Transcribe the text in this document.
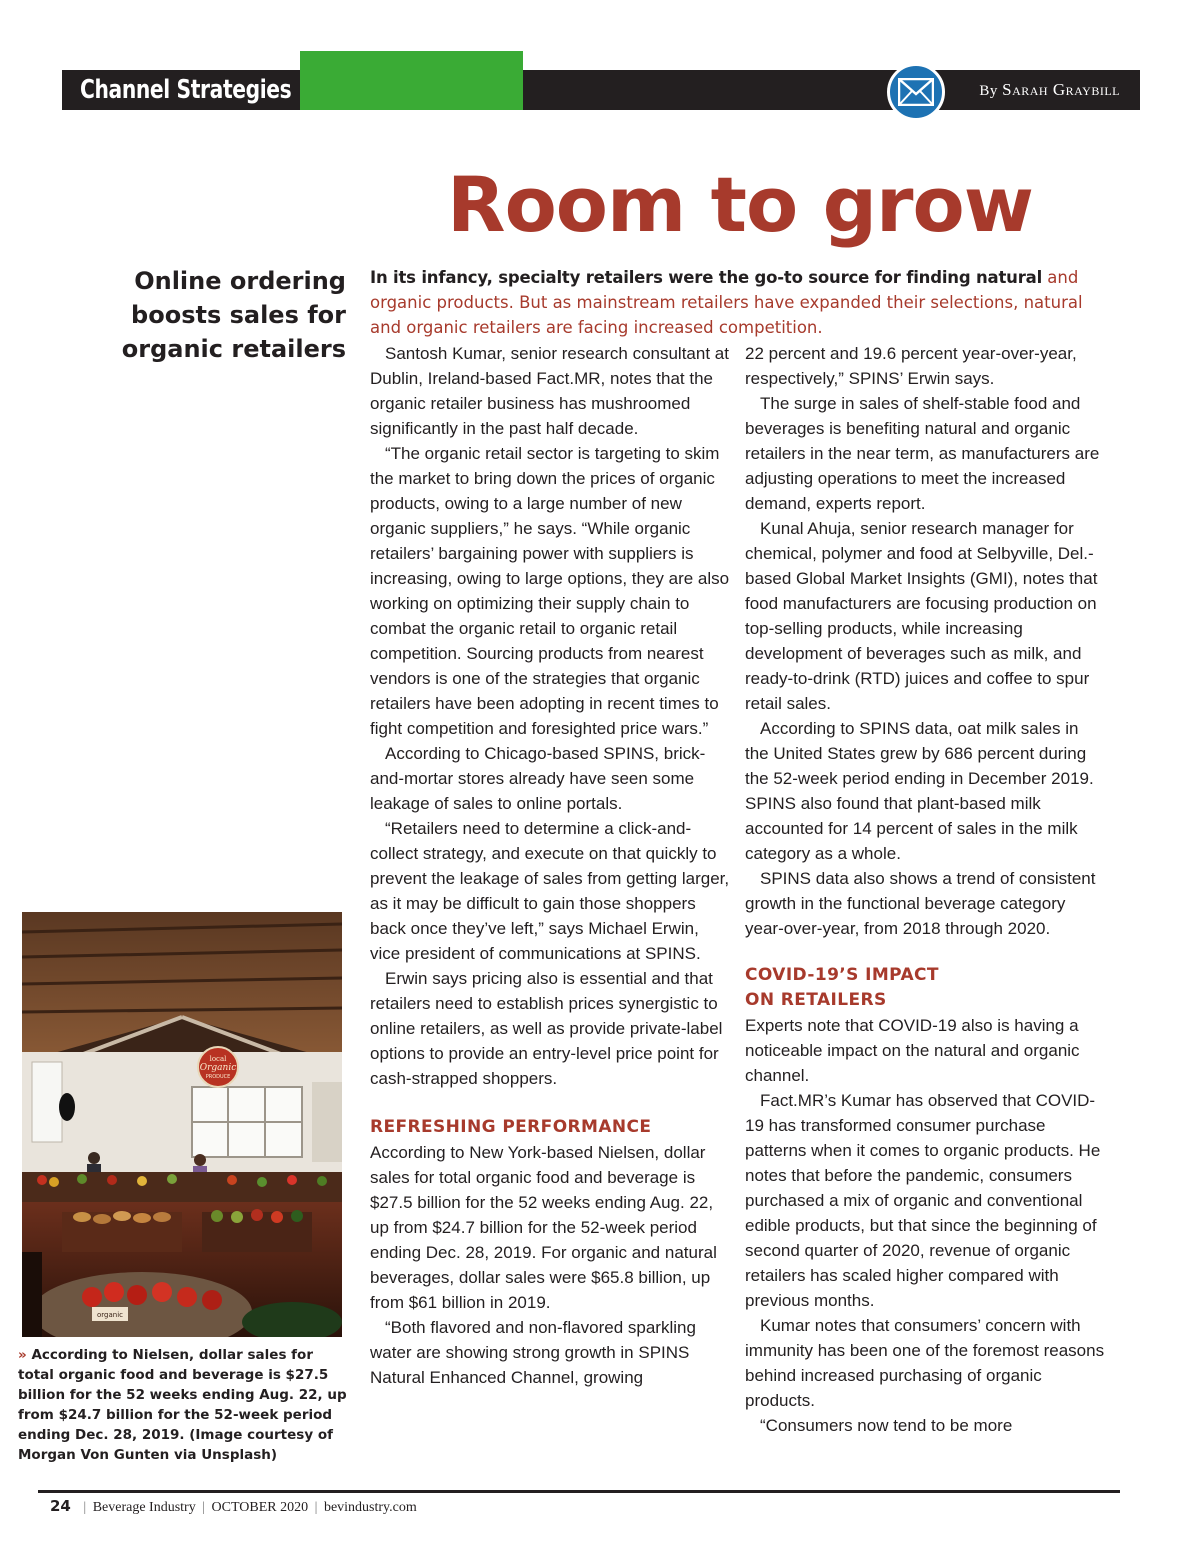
Channel Strategies	By Sarah Graybill
Room to grow

Online ordering boosts sales for organic retailers

In its infancy, specialty retailers were the go-to source for finding natural and organic products. But as mainstream retailers have expanded their selections, natural and organic retailers are facing increased competition.

Santosh Kumar, senior research consultant at Dublin, Ireland-based Fact.MR, notes that the organic retailer business has mushroomed significantly in the past half decade.

“The organic retail sector is targeting to skim the market to bring down the prices of organic products, owing to a large number of new organic suppliers,” he says. “While organic retailers’ bargaining power with suppliers is increasing, owing to large options, they are also working on optimizing their supply chain to combat the organic retail to organic retail competition. Sourcing products from nearest vendors is one of the strategies that organic retailers have been adopting in recent times to fight competition and foresighted price wars.”

According to Chicago-based SPINS, brick-and-mortar stores already have seen some leakage of sales to online portals.

“Retailers need to determine a click-and-collect strategy, and execute on that quickly to prevent the leakage of sales from getting larger, as it may be difficult to gain those shoppers back once they’ve left,” says Michael Erwin, vice president of communications at SPINS.

Erwin says pricing also is essential and that retailers need to establish prices synergistic to online retailers, as well as provide private-label options to provide an entry-level price point for cash-strapped shoppers.

REFRESHING PERFORMANCE

According to New York-based Nielsen, dollar sales for total organic food and beverage is $27.5 billion for the 52 weeks ending Aug. 22, up from $24.7 billion for the 52-week period ending Dec. 28, 2019. For organic and natural beverages, dollar sales were $65.8 billion, up from $61 billion in 2019.

“Both flavored and non-flavored sparkling water are showing strong growth in SPINS Natural Enhanced Channel, growing

22 percent and 19.6 percent year-over-year, respectively,” SPINS’ Erwin says.

The surge in sales of shelf-stable food and beverages is benefiting natural and organic retailers in the near term, as manufacturers are adjusting operations to meet the increased demand, experts report.

Kunal Ahuja, senior research manager for chemical, polymer and food at Selbyville, Del.-based Global Market Insights (GMI), notes that food manufacturers are focusing production on top-selling products, while increasing development of beverages such as milk, and ready-to-drink (RTD) juices and coffee to spur retail sales.

According to SPINS data, oat milk sales in the United States grew by 686 percent during the 52-week period ending in December 2019. SPINS also found that plant-based milk accounted for 14 percent of sales in the milk category as a whole.

SPINS data also shows a trend of consistent growth in the functional beverage category year-over-year, from 2018 through 2020.

COVID-19’S IMPACT
ON RETAILERS

Experts note that COVID-19 also is having a noticeable impact on the natural and organic channel.

Fact.MR’s Kumar has observed that COVID-19 has transformed consumer purchase patterns when it comes to organic products. He notes that before the pandemic, consumers purchased a mix of organic and conventional edible products, but that since the beginning of second quarter of 2020, revenue of organic retailers has scaled higher compared with previous months.

Kumar notes that consumers’ concern with immunity has been one of the foremost reasons behind increased purchasing of organic products.

“Consumers now tend to be more

local
Organic
PRODUCE
organic

» According to Nielsen, dollar sales for total organic food and beverage is $27.5 billion for the 52 weeks ending Aug. 22, up from $24.7 billion for the 52-week period ending Dec. 28, 2019. (Image courtesy of Morgan Von Gunten via Unsplash)

24 | Beverage Industry | OCTOBER 2020 | bevindustry.com
